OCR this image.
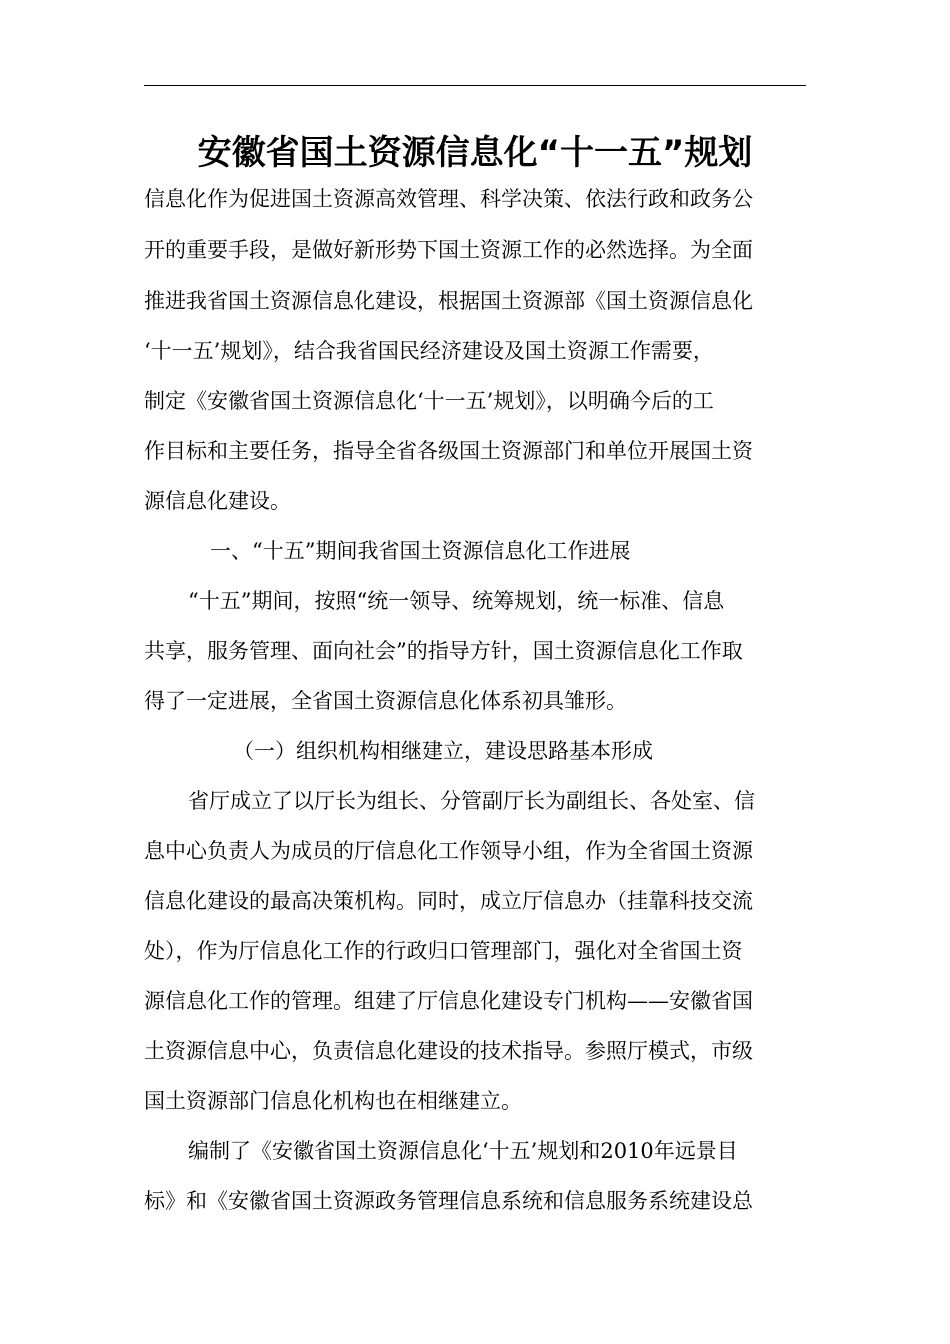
安徽省国土资源信息化“十一五”规划

信息化作为促进国土资源高效管理、科学决策、依法行政和政务公

开的重要手段，是做好新形势下国土资源工作的必然选择。为全面

推进我省国土资源信息化建设，根据国土资源部《国土资源信息化

‘十一五’规划》，结合我省国民经济建设及国土资源工作需要，

制定《安徽省国土资源信息化‘十一五’规划》，以明确今后的工

作目标和主要任务，指导全省各级国土资源部门和单位开展国土资

源信息化建设。

一、“十五”期间我省国土资源信息化工作进展

“十五”期间，按照“统一领导、统筹规划，统一标准、信息

共享，服务管理、面向社会”的指导方针，国土资源信息化工作取

得了一定进展，全省国土资源信息化体系初具雏形。

（一）组织机构相继建立，建设思路基本形成

省厅成立了以厅长为组长、分管副厅长为副组长、各处室、信

息中心负责人为成员的厅信息化工作领导小组，作为全省国土资源

信息化建设的最高决策机构。同时，成立厅信息办（挂靠科技交流

处），作为厅信息化工作的行政归口管理部门，强化对全省国土资

源信息化工作的管理。组建了厅信息化建设专门机构——安徽省国

土资源信息中心，负责信息化建设的技术指导。参照厅模式，市级

国土资源部门信息化机构也在相继建立。

编制了《安徽省国土资源信息化‘十五’规划和2010年远景目

标》和《安徽省国土资源政务管理信息系统和信息服务系统建设总
